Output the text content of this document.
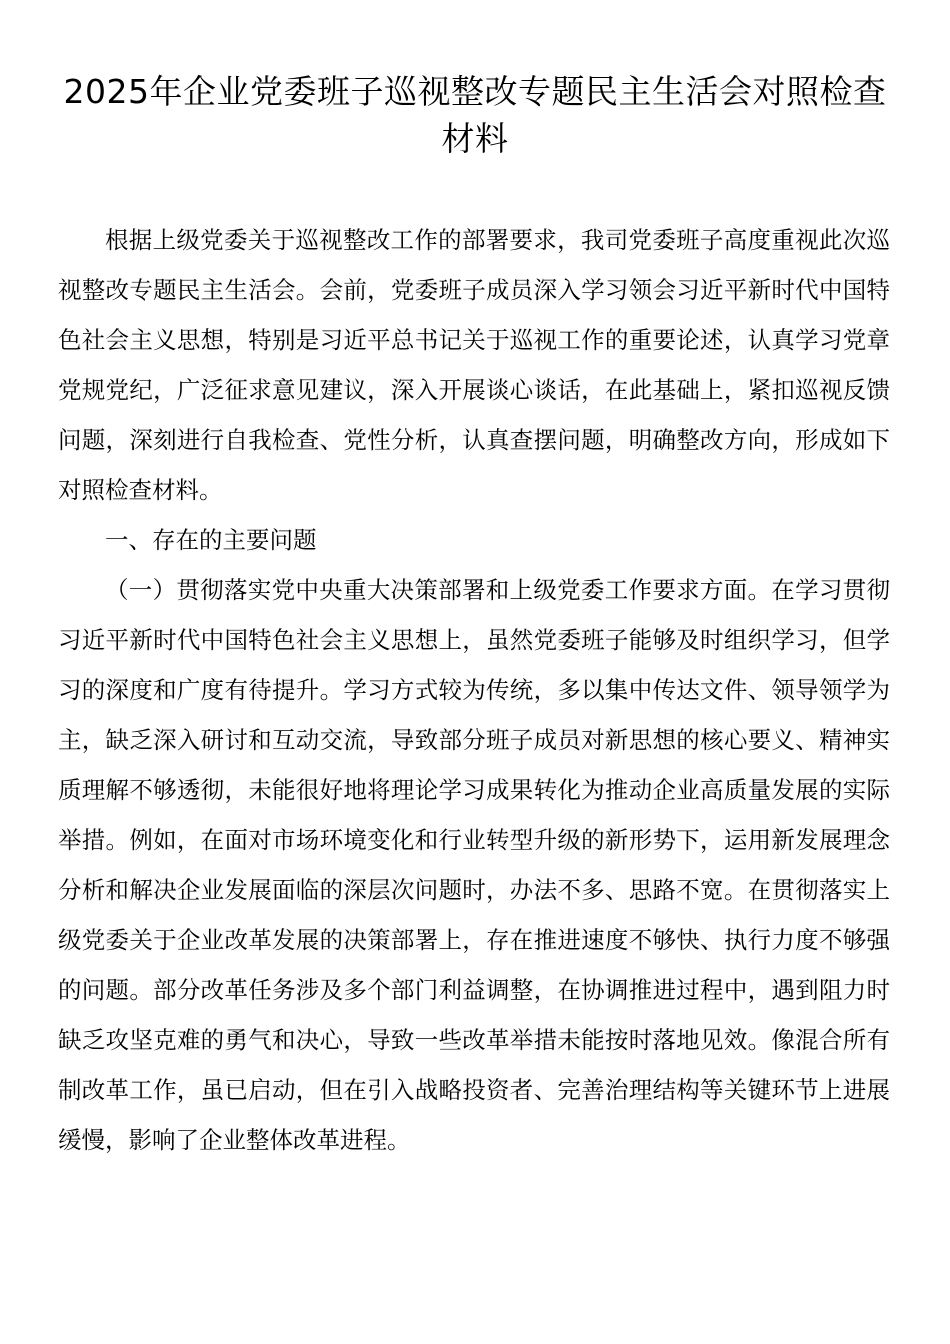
2025年企业党委班子巡视整改专题民主生活会对照检查材料

根据上级党委关于巡视整改工作的部署要求，我司党委班子高度重视此次巡视整改专题民主生活会。会前，党委班子成员深入学习领会习近平新时代中国特色社会主义思想，特别是习近平总书记关于巡视工作的重要论述，认真学习党章党规党纪，广泛征求意见建议，深入开展谈心谈话，在此基础上，紧扣巡视反馈问题，深刻进行自我检查、党性分析，认真查摆问题，明确整改方向，形成如下对照检查材料。

一、存在的主要问题

（一）贯彻落实党中央重大决策部署和上级党委工作要求方面。在学习贯彻习近平新时代中国特色社会主义思想上，虽然党委班子能够及时组织学习，但学习的深度和广度有待提升。学习方式较为传统，多以集中传达文件、领导领学为主，缺乏深入研讨和互动交流，导致部分班子成员对新思想的核心要义、精神实质理解不够透彻，未能很好地将理论学习成果转化为推动企业高质量发展的实际举措。例如，在面对市场环境变化和行业转型升级的新形势下，运用新发展理念分析和解决企业发展面临的深层次问题时，办法不多、思路不宽。在贯彻落实上级党委关于企业改革发展的决策部署上，存在推进速度不够快、执行力度不够强的问题。部分改革任务涉及多个部门利益调整，在协调推进过程中，遇到阻力时缺乏攻坚克难的勇气和决心，导致一些改革举措未能按时落地见效。像混合所有制改革工作，虽已启动，但在引入战略投资者、完善治理结构等关键环节上进展缓慢，影响了企业整体改革进程。
